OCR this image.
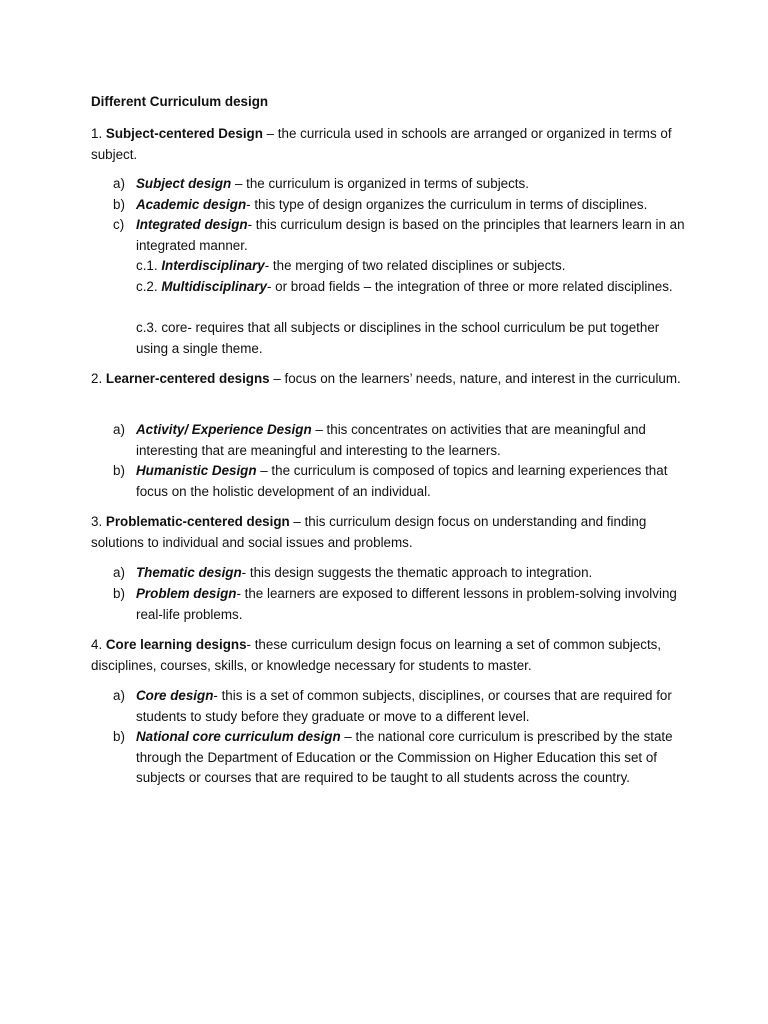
Different Curriculum design
1. Subject-centered Design – the curricula used in schools are arranged or organized in terms of subject.
a) Subject design – the curriculum is organized in terms of subjects.
b) Academic design- this type of design organizes the curriculum in terms of disciplines.
c) Integrated design- this curriculum design is based on the principles that learners learn in an integrated manner.
c.1. Interdisciplinary- the merging of two related disciplines or subjects.
c.2. Multidisciplinary- or broad fields – the integration of three or more related disciplines.
c.3. core- requires that all subjects or disciplines in the school curriculum be put together using a single theme.
2. Learner-centered designs – focus on the learners’ needs, nature, and interest in the curriculum.
a) Activity/ Experience Design – this concentrates on activities that are meaningful and interesting that are meaningful and interesting to the learners.
b) Humanistic Design – the curriculum is composed of topics and learning experiences that focus on the holistic development of an individual.
3. Problematic-centered design – this curriculum design focus on understanding and finding solutions to individual and social issues and problems.
a) Thematic design- this design suggests the thematic approach to integration.
b) Problem design- the learners are exposed to different lessons in problem-solving involving real-life problems.
4. Core learning designs- these curriculum design focus on learning a set of common subjects, disciplines, courses, skills, or knowledge necessary for students to master.
a) Core design- this is a set of common subjects, disciplines, or courses that are required for students to study before they graduate or move to a different level.
b) National core curriculum design – the national core curriculum is prescribed by the state through the Department of Education or the Commission on Higher Education this set of subjects or courses that are required to be taught to all students across the country.
